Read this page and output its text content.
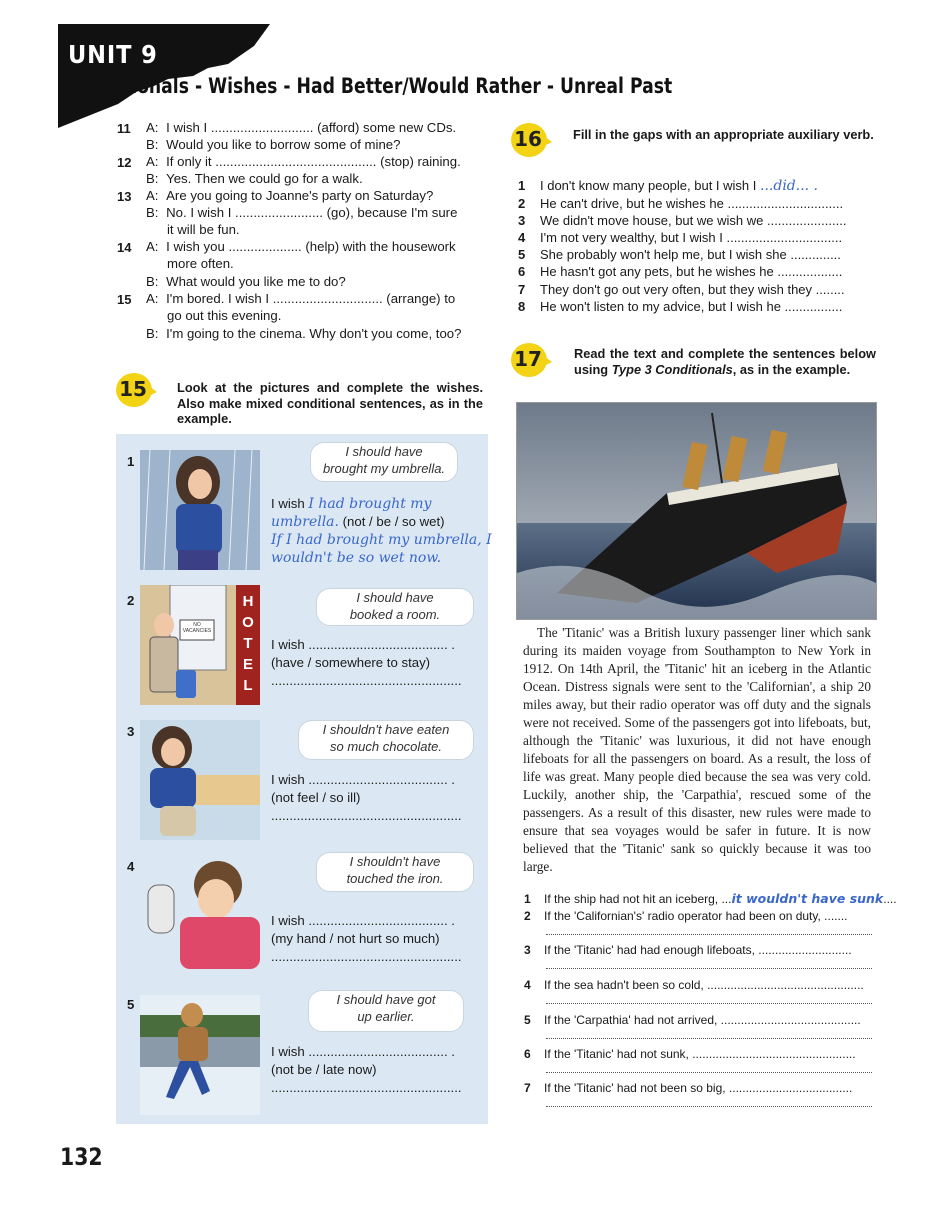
UNIT 9
Conditionals - Wishes - Had Better/Would Rather - Unreal Past
11 A: I wish I ............................ (afford) some new CDs.
B: Would you like to borrow some of mine?
12 A: If only it ............................................ (stop) raining.
B: Yes. Then we could go for a walk.
13 A: Are you going to Joanne's party on Saturday?
B: No. I wish I ........................ (go), because I'm sure
it will be fun.
14 A: I wish you .................... (help) with the housework
more often.
B: What would you like me to do?
15 A: I'm bored. I wish I .............................. (arrange) to
go out this evening.
B: I'm going to the cinema. Why don't you come, too?
15	Look at the pictures and complete the wishes. Also make mixed conditional sentences, as in the example.
1
I should have
brought my umbrella.
I wish I had brought my
umbrella. (not / be / so wet)
If I had brought my umbrella, I
wouldn't be so wet now.
2
NO
VACANCIES
H
O
T
E
L
I should have
booked a room.
I wish ...................................... .
(have / somewhere to stay)
....................................................
3	I shouldn't have eaten
so much chocolate.
I wish ...................................... .
(not feel / so ill)
....................................................
4	I shouldn't have
touched the iron.
I wish ...................................... .
(my hand / not hurt so much)
....................................................
5	I should have got
up earlier.
I wish ...................................... .
(not be / late now)
....................................................
16	Fill in the gaps with an appropriate auxiliary verb.
1 I don't know many people, but I wish I ...did... .
2 He can't drive, but he wishes he ................................
3 We didn't move house, but we wish we ......................
4 I'm not very wealthy, but I wish I ................................
5 She probably won't help me, but I wish she ..............
6 He hasn't got any pets, but he wishes he ..................
7 They don't go out very often, but they wish they ........
8 He won't listen to my advice, but I wish he ................
17	Read the text and complete the sentences below using Type 3 Conditionals, as in the example.
The 'Titanic' was a British luxury passenger liner which sank during its maiden voyage from Southampton to New York in 1912. On 14th April, the 'Titanic' hit an iceberg in the Atlantic Ocean. Distress signals were sent to the 'Californian', a ship 20 miles away, but their radio operator was off duty and the signals were not received. Some of the passengers got into lifeboats, but, although the 'Titanic' was luxurious, it did not have enough lifeboats for all the passengers on board. As a result, the loss of life was great. Many people died because the sea was very cold. Luckily, another ship, the 'Carpathia', rescued some of the passengers. As a result of this disaster, new rules were made to ensure that sea voyages would be safer in future. It is now believed that the 'Titanic' sank so quickly because it was too large.
1 If the ship had not hit an iceberg, ...it wouldn't have sunk....
2 If the 'Californian's' radio operator had been on duty, .......
3 If the 'Titanic' had had enough lifeboats, ............................
4 If the sea hadn't been so cold, ...............................................
5 If the 'Carpathia' had not arrived, ..........................................
6 If the 'Titanic' had not sunk, .................................................
7 If the 'Titanic' had not been so big, .....................................
132
